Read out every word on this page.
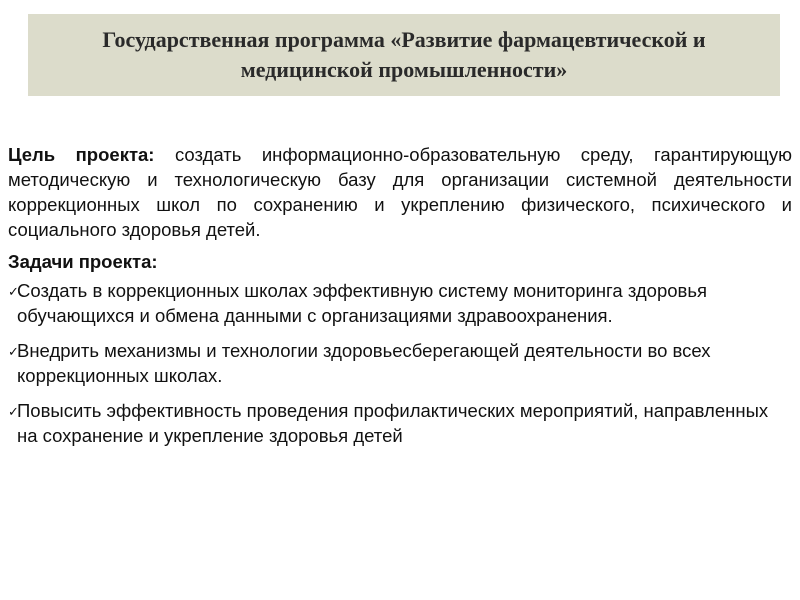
Государственная программа «Развитие фармацевтической и медицинской промышленности»

Цель проекта: создать информационно-образовательную среду, гарантирующую методическую и технологическую базу для организации системной деятельности коррекционных школ по сохранению и укреплению физического, психического и социального здоровья детей.

Задачи проекта:
✓
Создать в коррекционных школах эффективную систему мониторинга здоровья обучающихся и обмена данными с организациями здравоохранения.
✓
Внедрить механизмы и технологии здоровьесберегающей деятельности во всех коррекционных школах.
✓
Повысить эффективность проведения профилактических мероприятий, направленных на сохранение и укрепление здоровья детей
